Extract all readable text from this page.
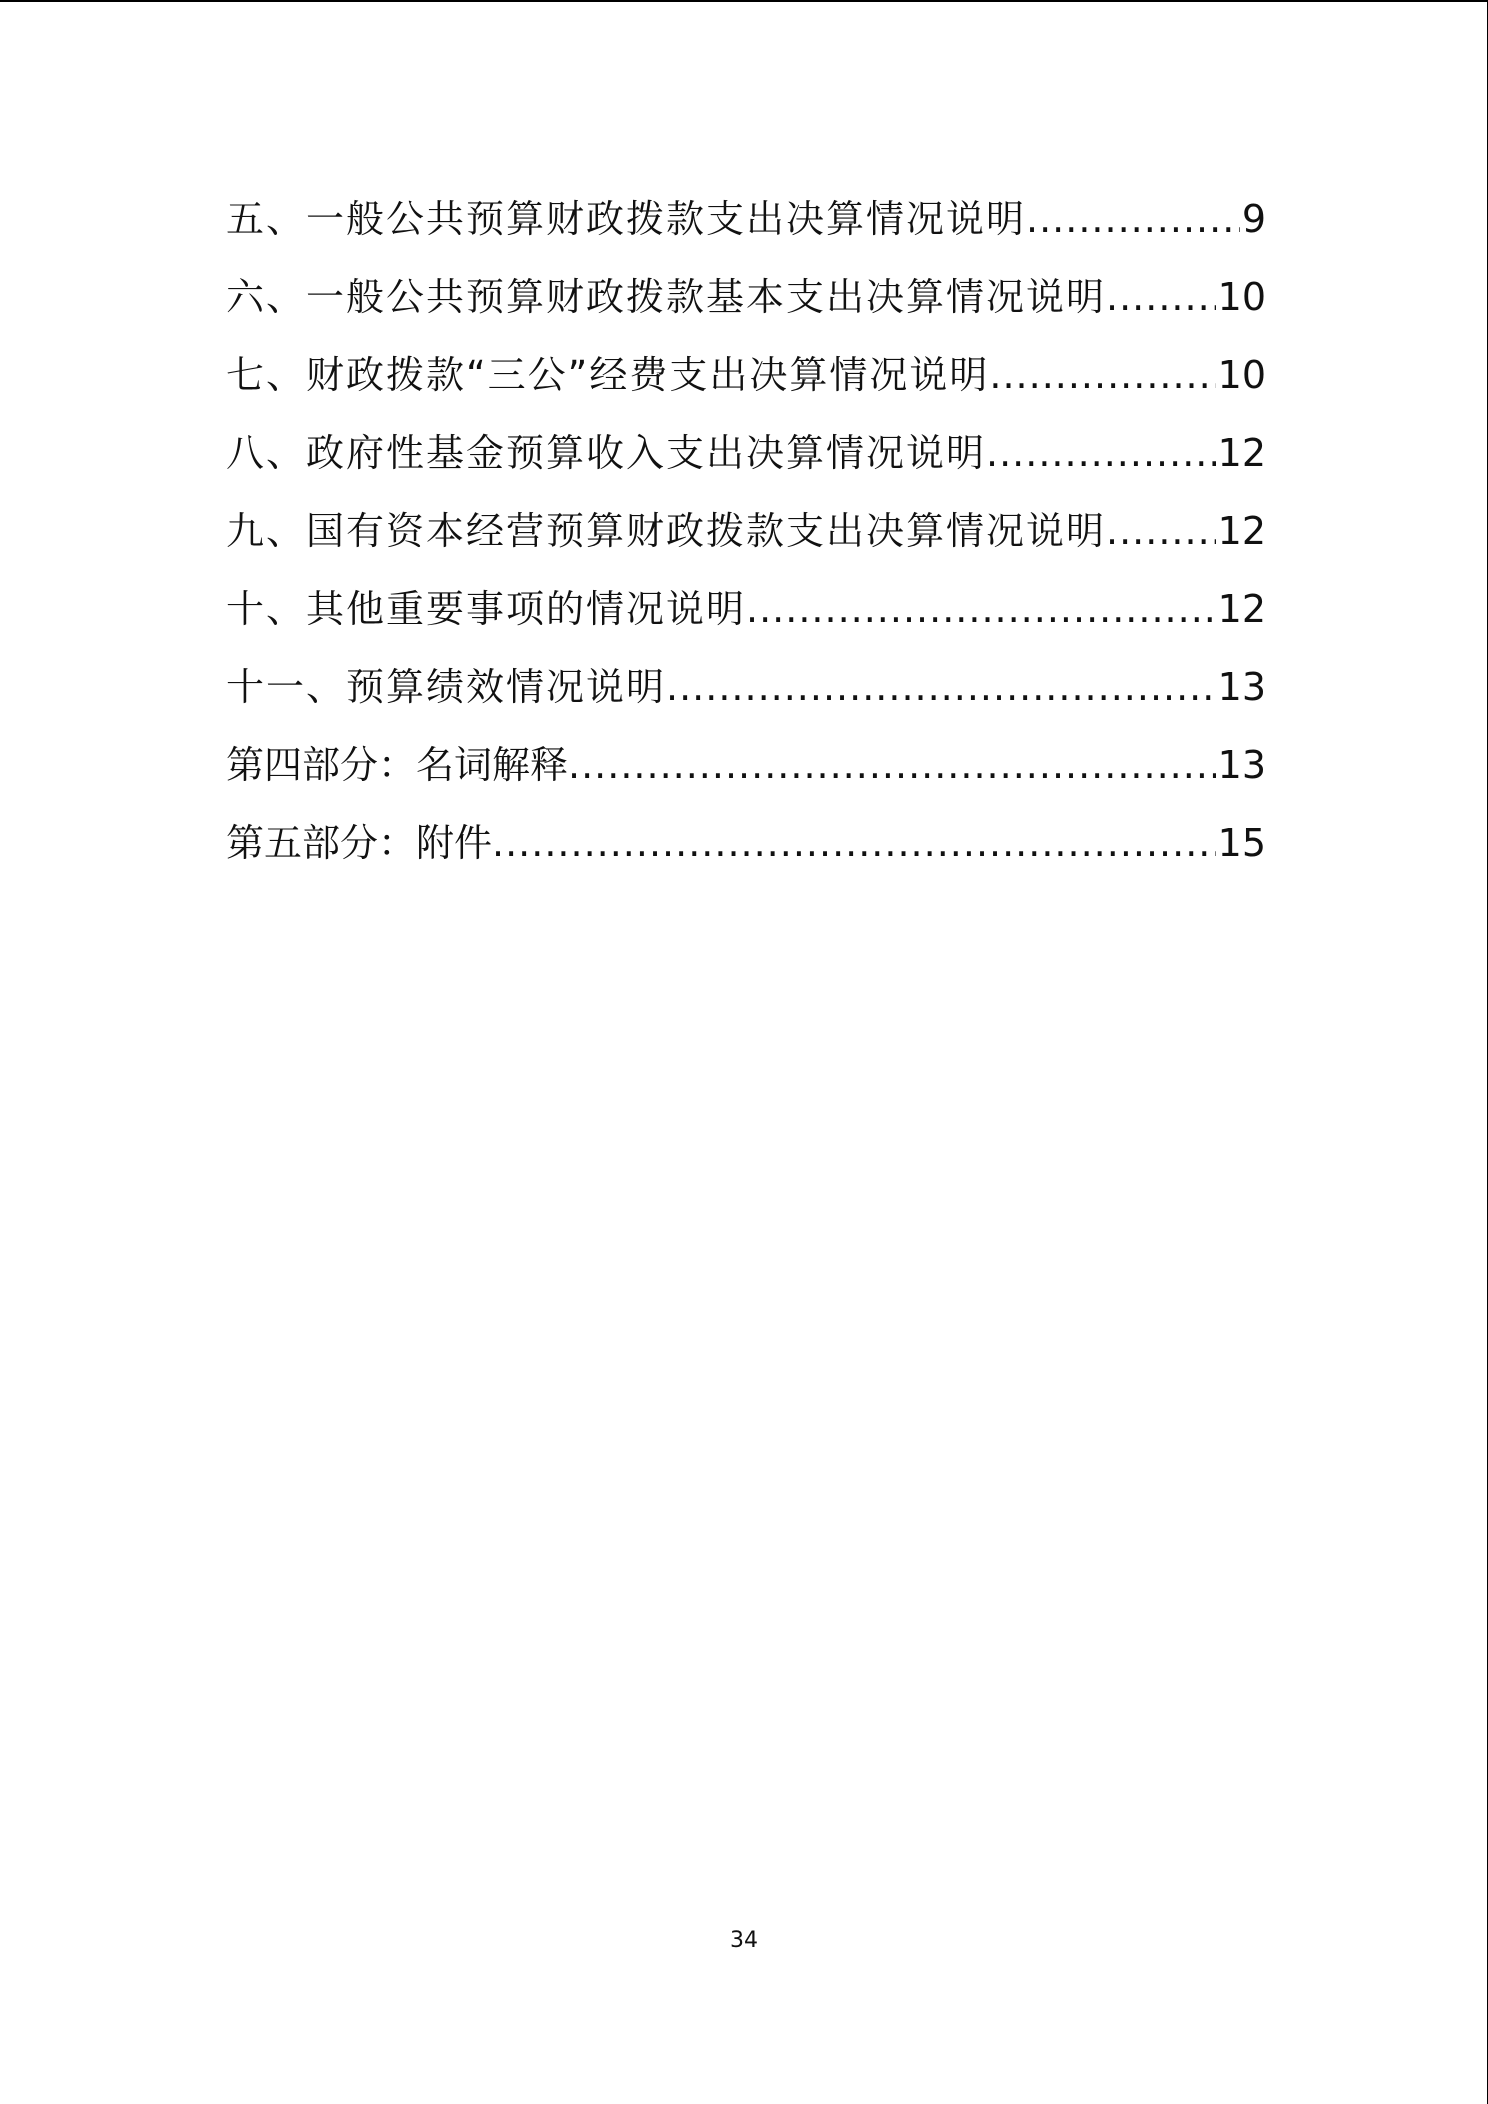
五、一般公共预算财政拨款支出决算情况说明 .....	9
六、一般公共预算财政拨款基本支出决算情况说明 .....	10
七、财政拨款“三公”经费支出决算情况说明 .....	10
八、政府性基金预算收入支出决算情况说明 .....	12
九、国有资本经营预算财政拨款支出决算情况说明 .....	12
十、其他重要事项的情况说明 .....	12
十一、预算绩效情况说明 .....	13
第四部分：名词解释 .....	13
第五部分：附件 .....	15
34
